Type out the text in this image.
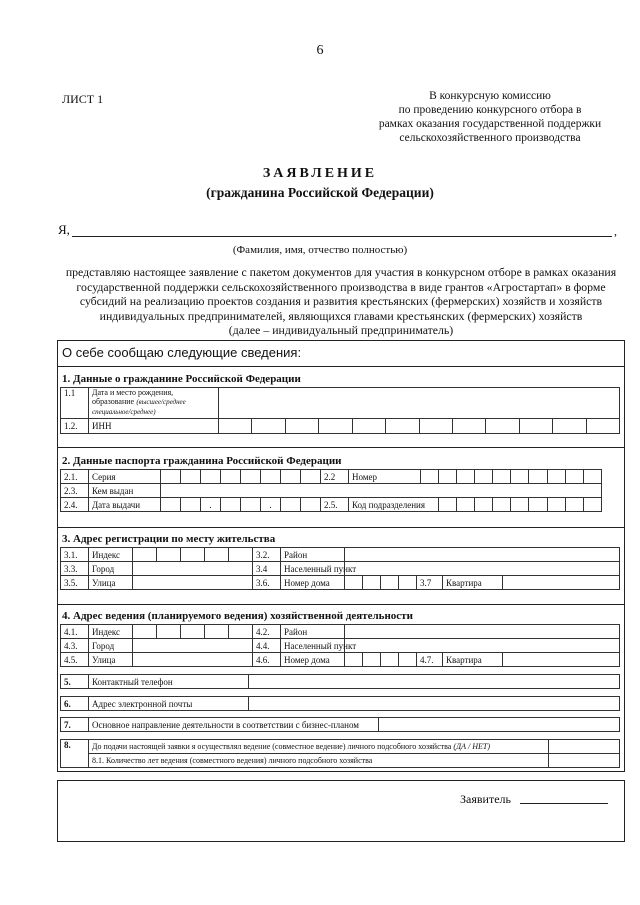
6
ЛИСТ 1	В конкурсную комиссию
по проведению конкурсного отбора в
рамках оказания государственной поддержки
сельскохозяйственного производства
ЗАЯВЛЕНИЕ
(гражданина Российской Федерации)
Я,	,
(Фамилия, имя, отчество полностью)
представляю настоящее заявление с пакетом документов для участия в конкурсном отборе в рамках оказания
государственной поддержки сельскохозяйственного производства в виде грантов «Агростартап» в форме
субсидий на реализацию проектов создания и развития крестьянских (фермерских) хозяйств и хозяйств
индивидуальных предпринимателей, являющихся главами крестьянских (фермерских) хозяйств
(далее – индивидуальный предприниматель)
О себе сообщаю следующие сведения:
1. Данные о гражданине Российской Федерации
1.1	Дата и место рождения, образование (высшее/среднее специальное/среднее)	
1.2.	ИНН	
2. Данные паспорта гражданина Российской Федерации
2.1.	Серия									2.2	Номер										
2.3.	Кем выдан																				
2.4.	Дата выдачи			.			.			2.5.	Код подразделения										
3. Адрес регистрации по месту жительства
3.1.	Индекс						3.2.	Район							
3.3.	Город						3.4	Населенный пункт							
3.5.	Улица						3.6.	Номер дома					3.7	Квартира	
4. Адрес ведения (планируемого ведения) хозяйственной деятельности
4.1.	Индекс						4.2.	Район							
4.3.	Город						4.4.	Населенный пункт							
4.5.	Улица						4.6.	Номер дома					4.7.	Квартира	
5.	Контактный телефон	
6.	Адрес электронной почты	
7.	Основное направление деятельности в соответствии с бизнес-планом	
8.	До подачи настоящей заявки я осуществлял ведение (совместное ведение) личного подсобного хозяйства (ДА / НЕТ)	
	8.1. Количество лет ведения (совместного ведения) личного подсобного хозяйства	
Заявитель
